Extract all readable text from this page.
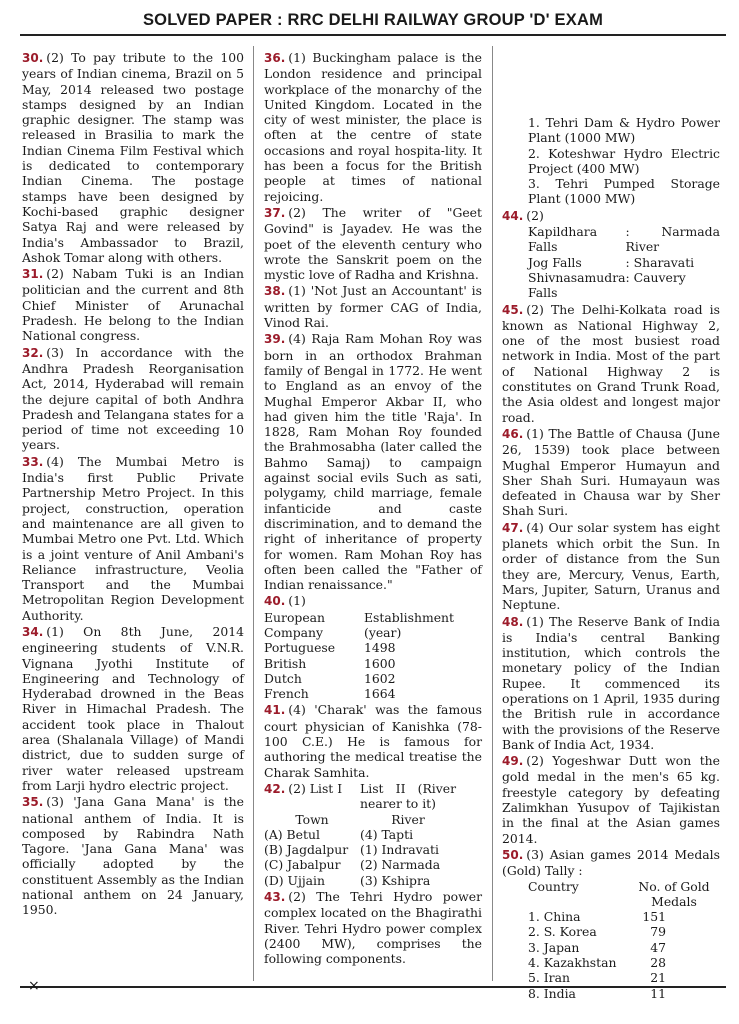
SOLVED PAPER : RRC DELHI RAILWAY GROUP 'D' EXAM

30. (2) To pay tribute to the 100 years of Indian cinema, Brazil on 5 May, 2014 released two postage stamps designed by an Indian graphic designer. The stamp was released in Brasilia to mark the Indian Cinema Film Festival which is dedicated to contemporary Indian Cinema. The postage stamps have been designed by Kochi-based graphic designer Satya Raj and were released by India's Ambassador to Brazil, Ashok Tomar along with others.

31. (2) Nabam Tuki is an Indian politician and the current and 8th Chief Minister of Arunachal Pradesh. He belong to the Indian National congress.

32. (3) In accordance with the Andhra Pradesh Reorganisation Act, 2014, Hyderabad will remain the dejure capital of both Andhra Pradesh and Telangana states for a period of time not exceeding 10 years.

33. (4) The Mumbai Metro is India's first Public Private Partnership Metro Project. In this project, construction, operation and maintenance are all given to Mumbai Metro one Pvt. Ltd. Which is a joint venture of Anil Ambani's Reliance infrastructure, Veolia Transport and the Mumbai Metropolitan Region Development Authority.

34. (1) On 8th June, 2014 engineering students of V.N.R. Vignana Jyothi Institute of Engineering and Technology of Hyderabad drowned in the Beas River in Himachal Pradesh. The accident took place in Thalout area (Shalanala Village) of Mandi district, due to sudden surge of river water released upstream from Larji hydro electric project.

35. (3) 'Jana Gana Mana' is the national anthem of India. It is composed by Rabindra Nath Tagore. 'Jana Gana Mana' was officially adopted by the constituent Assembly as the Indian national anthem on 24 January, 1950.

36. (1) Buckingham palace is the London residence and principal workplace of the monarchy of the United Kingdom. Located in the city of west minister, the place is often at the centre of state occasions and royal hospita-lity. It has been a focus for the British people at times of national rejoicing.

37. (2) The writer of "Geet Govind" is Jayadev. He was the poet of the eleventh century who wrote the Sanskrit poem on the mystic love of Radha and Krishna.

38. (1) 'Not Just an Accountant' is written by former CAG of India, Vinod Rai.

39. (4) Raja Ram Mohan Roy was born in an orthodox Brahman family of Bengal in 1772. He went to England as an envoy of the Mughal Emperor Akbar II, who had given him the title 'Raja'. In 1828, Ram Mohan Roy founded the Brahmosabha (later called the Bahmo Samaj) to campaign against social evils Such as sati, polygamy, child marriage, female infanticide and caste discrimination, and to demand the right of inheritance of property for women. Ram Mohan Roy has often been called the "Father of Indian renaissance."

40. (1)
European Company	Establishment (year)
Portuguese	1498
British	1600
Dutch	1602
French	1664

41. (4) 'Charak' was the famous court physician of Kanishka (78-100 C.E.) He is famous for authoring the medical treatise the Charak Samhita.

42. (2) List I	List II (River nearer to it)
Town	River
(A) Betul	(4) Tapti
(B) Jagdalpur	(1) Indravati
(C) Jabalpur	(2) Narmada
(D) Ujjain	(3) Kshipra

43. (2) The Tehri Hydro power complex located on the Bhagirathi River. Tehri Hydro power complex (2400 MW), comprises the following components.

1. Tehri Dam & Hydro Power Plant (1000 MW)

2. Koteshwar Hydro Electric Project (400 MW)

3. Tehri Pumped Storage Plant (1000 MW)

44. (2)
Kapildhara Falls	: Narmada River
Jog Falls	: Sharavati
Shivnasamudra Falls	: Cauvery

45. (2) The Delhi-Kolkata road is known as National Highway 2, one of the most busiest road network in India. Most of the part of National Highway 2 is constitutes on Grand Trunk Road, the Asia oldest and longest major road.

46. (1) The Battle of Chausa (June 26, 1539) took place between Mughal Emperor Humayun and Sher Shah Suri. Humayaun was defeated in Chausa war by Sher Shah Suri.

47. (4) Our solar system has eight planets which orbit the Sun. In order of distance from the Sun they are, Mercury, Venus, Earth, Mars, Jupiter, Saturn, Uranus and Neptune.

48. (1) The Reserve Bank of India is India's central Banking institution, which controls the monetary policy of the Indian Rupee. It commenced its operations on 1 April, 1935 during the British rule in accordance with the provisions of the Reserve Bank of India Act, 1934.

49. (2) Yogeshwar Dutt won the gold medal in the men's 65 kg. freestyle category by defeating Zalimkhan Yusupov of Tajikistan in the final at the Asian games 2014.

50. (3) Asian games 2014 Medals (Gold) Tally :
Country	No. of Gold Medals
1. China	151
2. S. Korea	79
3. Japan	47
4. Kazakhstan	28
5. Iran	21
8. India	11
×
